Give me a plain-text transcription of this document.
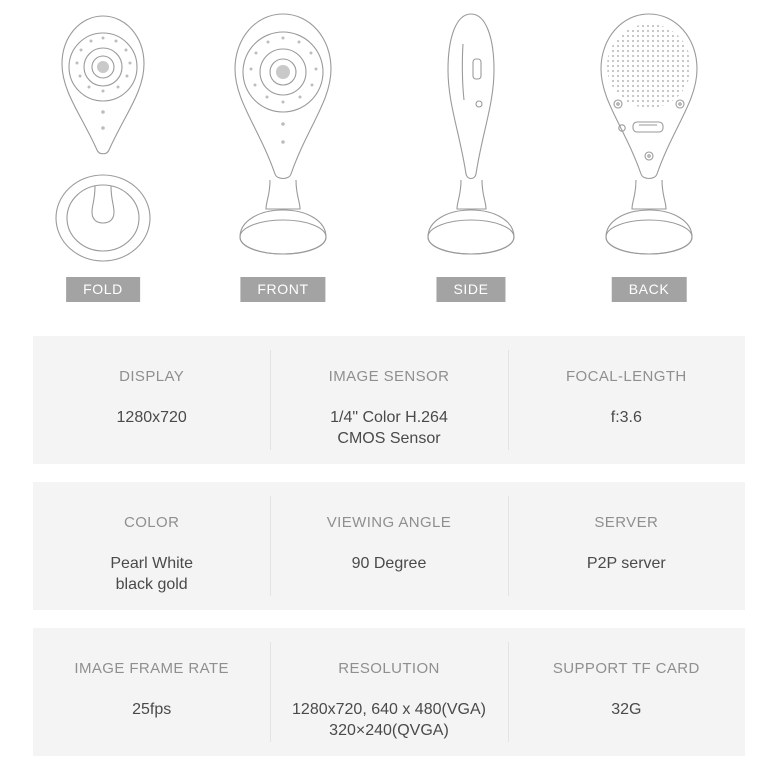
FOLD	FRONT	SIDE	BACK
DISPLAY
1280x720
IMAGE SENSOR
1/4" Color H.264
CMOS Sensor
FOCAL-LENGTH
f:3.6
COLOR
Pearl White
black gold
VIEWING ANGLE
90 Degree
SERVER
P2P server
IMAGE FRAME RATE
25fps
RESOLUTION
1280x720, 640 x 480(VGA)
320×240(QVGA)
SUPPORT TF CARD
32G
